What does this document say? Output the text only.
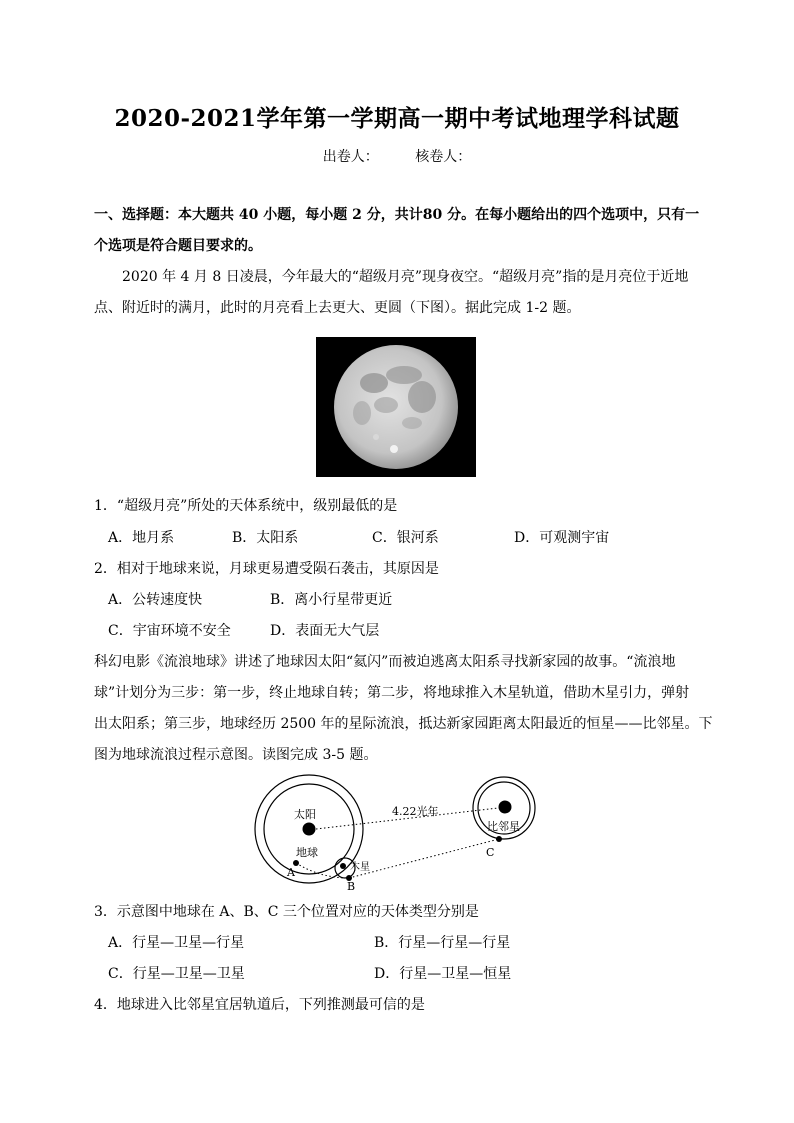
2020-2021学年第一学期高一期中考试地理学科试题
出卷人：	核卷人：
一、选择题：本大题共 40 小题，每小题 2 分，共计80 分。在每小题给出的四个选项中，只有一
个选项是符合题目要求的。
2020 年 4 月 8 日凌晨，今年最大的“超级月亮”现身夜空。“超级月亮”指的是月亮位于近地
点、附近时的满月，此时的月亮看上去更大、更圆（下图）。据此完成 1-2 题。
1．“超级月亮”所处的天体系统中，级别最低的是
A．地月系	B．太阳系	C．银河系	D．可观测宇宙
2．相对于地球来说，月球更易遭受陨石袭击，其原因是
A．公转速度快	B．离小行星带更近
C．宇宙环境不安全	D．表面无大气层
科幻电影《流浪地球》讲述了地球因太阳“氦闪”而被迫逃离太阳系寻找新家园的故事。“流浪地
球”计划分为三步：第一步，终止地球自转；第二步，将地球推入木星轨道，借助木星引力，弹射
出太阳系；第三步，地球经历 2500 年的星际流浪，抵达新家园距离太阳最近的恒星——比邻星。下
图为地球流浪过程示意图。读图完成 3-5 题。
太阳
比邻星
4.22光年
木星
地球
A
B
C
3．示意图中地球在 A、B、C 三个位置对应的天体类型分别是
A．行星—卫星—行星	B．行星—行星—行星
C．行星—卫星—卫星	D．行星—卫星—恒星
4．地球进入比邻星宜居轨道后，下列推测最可信的是
